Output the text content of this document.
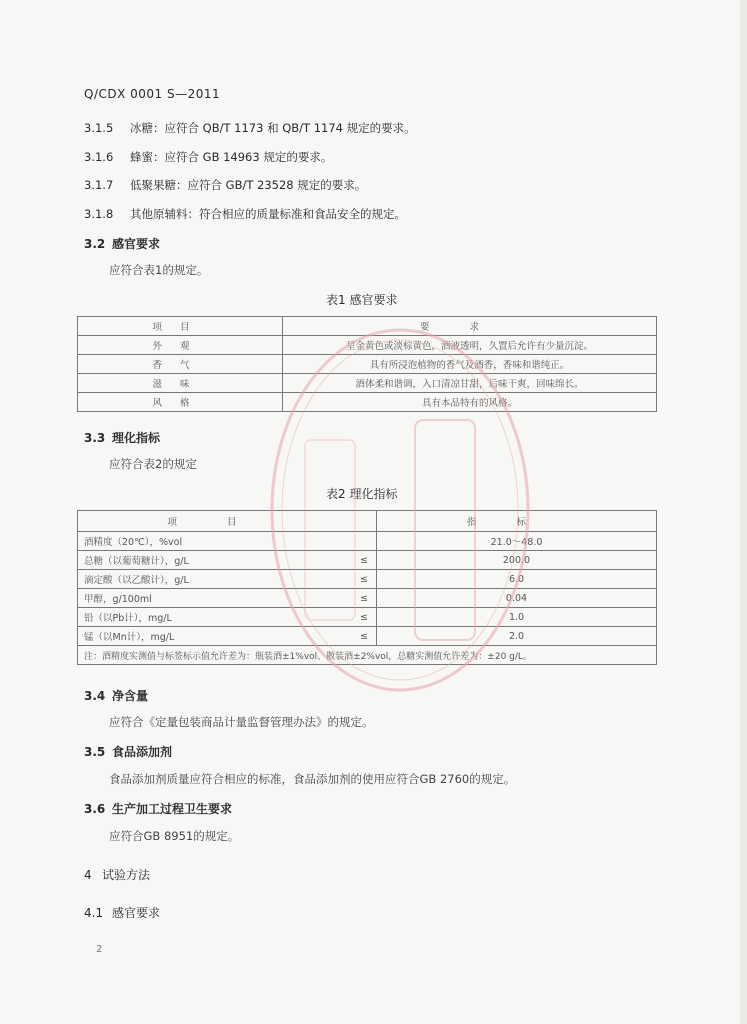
Q/CDX 0001 S—2011
3.1.5 冰糖：应符合 QB/T 1173 和 QB/T 1174 规定的要求。
3.1.6 蜂蜜：应符合 GB 14963 规定的要求。
3.1.7 低聚果糖：应符合 GB/T 23528 规定的要求。
3.1.8 其他原辅料：符合相应的质量标准和食品安全的规定。
3.2 感官要求
应符合表1的规定。
表1 感官要求
项目	要求
外观	呈金黄色或淡棕黄色，酒液透明，久置后允许有少量沉淀。
香气	具有所浸泡植物的香气及酒香，香味和谐纯正。
滋味	酒体柔和谐调，入口清凉甘甜，后味干爽，回味绵长。
风格	具有本品特有的风格。
3.3 理化指标
应符合表2的规定
表2 理化指标
项目		指标
酒精度（20℃），%vol		21.0～48.0
总糖（以葡萄糖计），g/L	≤	200.0
滴定酸（以乙酸计），g/L	≤	6.0
甲醇，g/100ml	≤	0.04
铅（以Pb计），mg/L	≤	1.0
锰（以Mn计），mg/L	≤	2.0
注：酒精度实测值与标签标示值允许差为：瓶装酒±1%vol、散装酒±2%vol，总糖实测值允许差为：±20 g/L。		
3.4 净含量
应符合《定量包装商品计量监督管理办法》的规定。
3.5 食品添加剂
食品添加剂质量应符合相应的标准，食品添加剂的使用应符合GB 2760的规定。
3.6 生产加工过程卫生要求
应符合GB 8951的规定。
4 试验方法
4.1 感官要求
2
